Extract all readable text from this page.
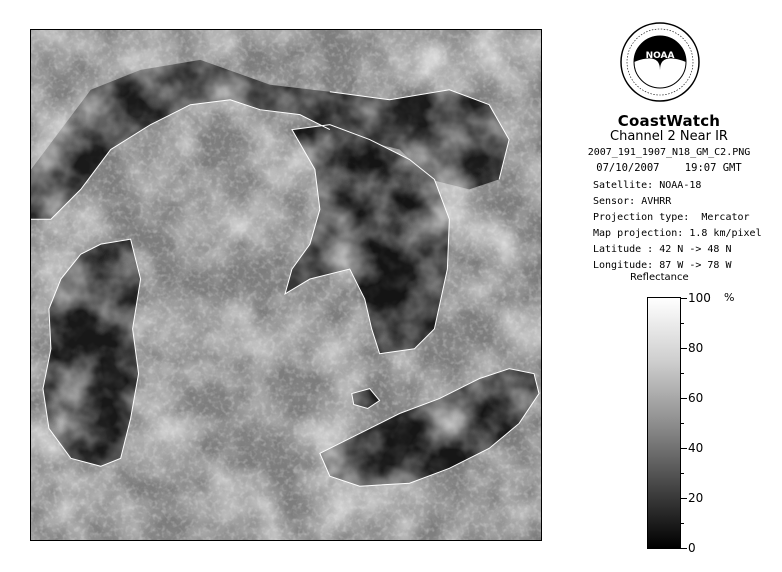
NOAA
CoastWatch
Channel 2 Near IR
2007_191_1907_N18_GM_C2.PNG
07/10/2007 19:07 GMT
Satellite: NOAA-18
Sensor: AVHRR
Projection type: Mercator
Map projection: 1.8 km/pixel
Latitude : 42 N -> 48 N
Longitude: 87 W -> 78 W
Reflectance
%
100
80
60
40
20
0
